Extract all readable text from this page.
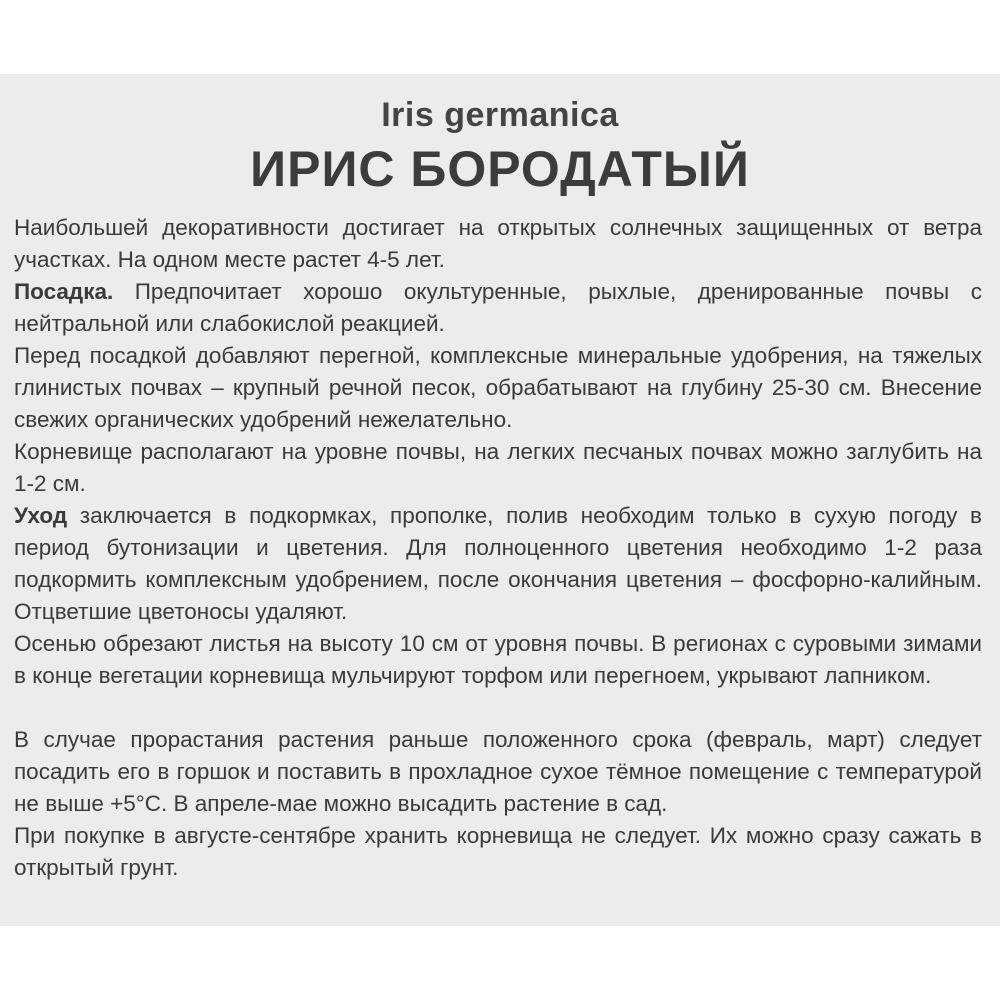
Iris germanica
ИРИС БОРОДАТЫЙ

Наибольшей декоративности достигает на открытых солнечных защищенных от ветра участках. На одном месте растет 4-5 лет.

Посадка. Предпочитает хорошо окультуренные, рыхлые, дренированные почвы с нейтральной или слабокислой реакцией.

Перед посадкой добавляют перегной, комплексные минеральные удобрения, на тяжелых глинистых почвах – крупный речной песок, обрабатывают на глубину 25-30 см. Внесение свежих органических удобрений нежелательно.

Корневище располагают на уровне почвы, на легких песчаных почвах можно заглубить на 1-2 см.

Уход заключается в подкормках, прополке, полив необходим только в сухую погоду в период бутонизации и цветения. Для полноценного цветения необходимо 1-2 раза подкормить комплексным удобрением, после окончания цветения – фосфорно-калийным. Отцветшие цветоносы удаляют.

Осенью обрезают листья на высоту 10 см от уровня почвы. В регионах с суровыми зимами в конце вегетации корневища мульчируют торфом или перегноем, укрывают лапником.

В случае прорастания растения раньше положенного срока (февраль, март) следует посадить его в горшок и поставить в прохладное сухое тёмное помещение с температурой не выше +5°С. В апреле-мае можно высадить растение в сад.

При покупке в августе-сентябре хранить корневища не следует. Их можно сразу сажать в открытый грунт.
